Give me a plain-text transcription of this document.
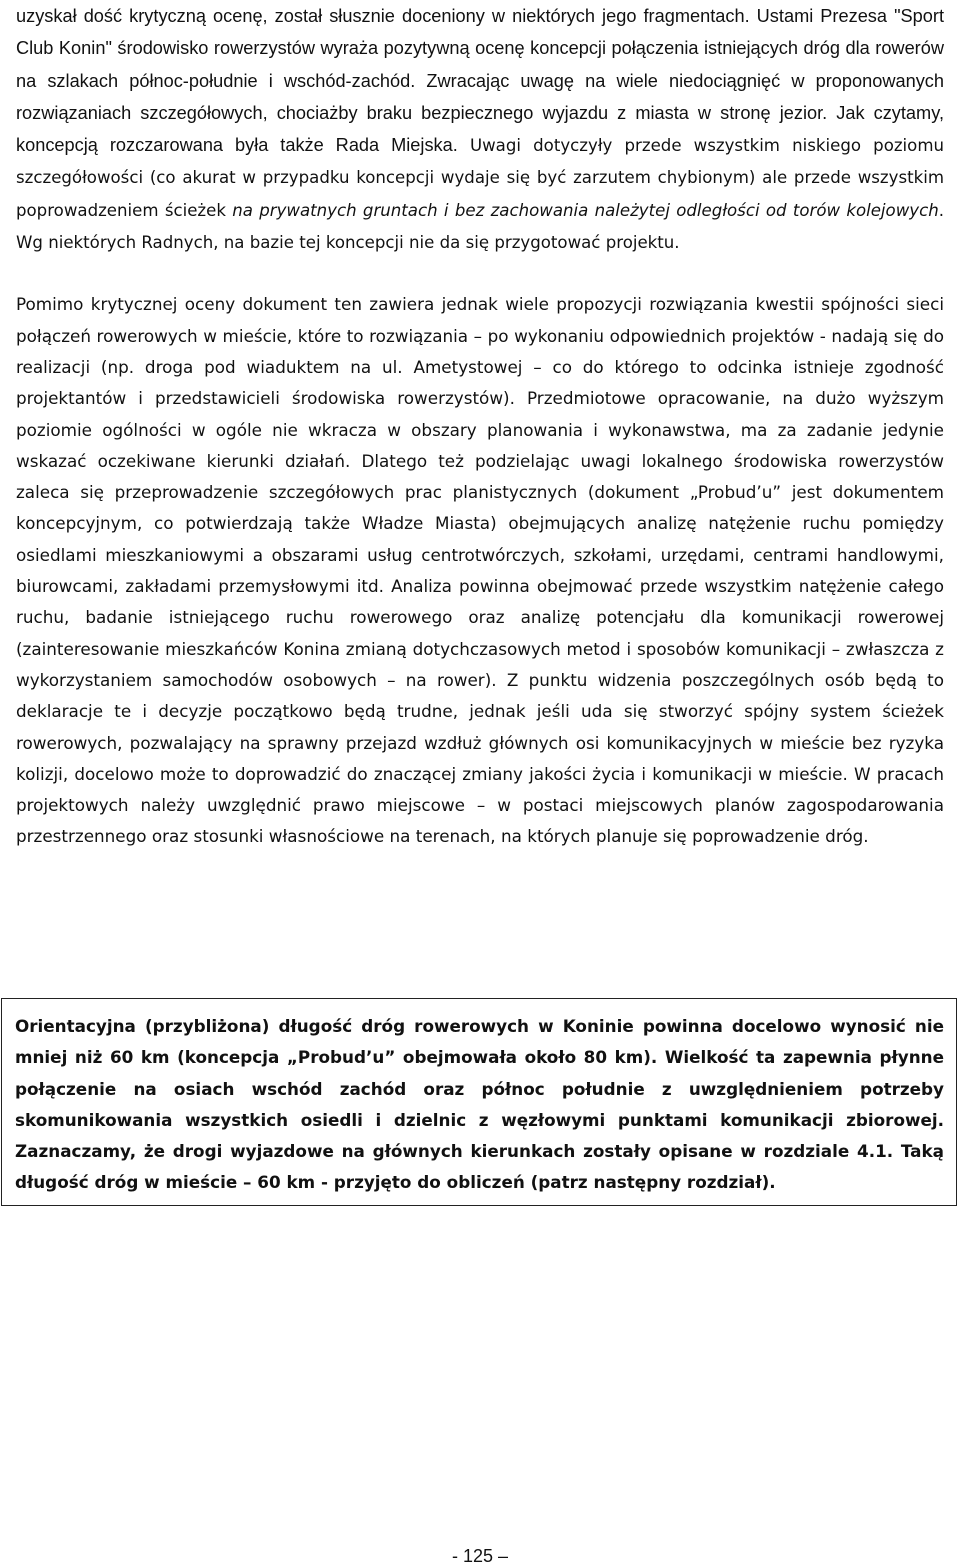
uzyskał dość krytyczną ocenę, został słusznie doceniony w niektórych jego fragmentach. Ustami Prezesa "Sport Club Konin" środowisko rowerzystów wyraża pozytywną ocenę koncepcji połączenia istniejących dróg dla rowerów na szlakach północ-południe i wschód-zachód. Zwracając uwagę na wiele niedociągnięć w proponowanych rozwiązaniach szczegółowych, chociażby braku bezpiecznego wyjazdu z miasta w stronę jezior. Jak czytamy, koncepcją rozczarowana była także Rada Miejska. Uwagi dotyczyły przede wszystkim niskiego poziomu szczegółowości (co akurat w przypadku koncepcji wydaje się być zarzutem chybionym) ale przede wszystkim poprowadzeniem ścieżek na prywatnych gruntach i bez zachowania należytej odległości od torów kolejowych. Wg niektórych Radnych, na bazie tej koncepcji nie da się przygotować projektu.

Pomimo krytycznej oceny dokument ten zawiera jednak wiele propozycji rozwiązania kwestii spójności sieci połączeń rowerowych w mieście, które to rozwiązania – po wykonaniu odpowiednich projektów - nadają się do realizacji (np. droga pod wiaduktem na ul. Ametystowej – co do którego to odcinka istnieje zgodność projektantów i przedstawicieli środowiska rowerzystów). Przedmiotowe opracowanie, na dużo wyższym poziomie ogólności w ogóle nie wkracza w obszary planowania i wykonawstwa, ma za zadanie jedynie wskazać oczekiwane kierunki działań. Dlatego też podzielając uwagi lokalnego środowiska rowerzystów zaleca się przeprowadzenie szczegółowych prac planistycznych (dokument „Probud’u” jest dokumentem koncepcyjnym, co potwierdzają także Władze Miasta) obejmujących analizę natężenie ruchu pomiędzy osiedlami mieszkaniowymi a obszarami usług centrotwórczych, szkołami, urzędami, centrami handlowymi, biurowcami, zakładami przemysłowymi itd. Analiza powinna obejmować przede wszystkim natężenie całego ruchu, badanie istniejącego ruchu rowerowego oraz analizę potencjału dla komunikacji rowerowej (zainteresowanie mieszkańców Konina zmianą dotychczasowych metod i sposobów komunikacji – zwłaszcza z wykorzystaniem samochodów osobowych – na rower). Z punktu widzenia poszczególnych osób będą to deklaracje te i decyzje początkowo będą trudne, jednak jeśli uda się stworzyć spójny system ścieżek rowerowych, pozwalający na sprawny przejazd wzdłuż głównych osi komunikacyjnych w mieście bez ryzyka kolizji, docelowo może to doprowadzić do znaczącej zmiany jakości życia i komunikacji w mieście. W pracach projektowych należy uwzględnić prawo miejscowe – w postaci miejscowych planów zagospodarowania przestrzennego oraz stosunki własnościowe na terenach, na których planuje się poprowadzenie dróg.

Orientacyjna (przybliżona) długość dróg rowerowych w Koninie powinna docelowo wynosić nie mniej niż 60 km (koncepcja „Probud’u” obejmowała około 80 km). Wielkość ta zapewnia płynne połączenie na osiach wschód zachód oraz północ południe z uwzględnieniem potrzeby skomunikowania wszystkich osiedli i dzielnic z węzłowymi punktami komunikacji zbiorowej. Zaznaczamy, że drogi wyjazdowe na głównych kierunkach zostały opisane w rozdziale 4.1. Taką długość dróg w mieście – 60 km - przyjęto do obliczeń (patrz następny rozdział).

- 125 –
